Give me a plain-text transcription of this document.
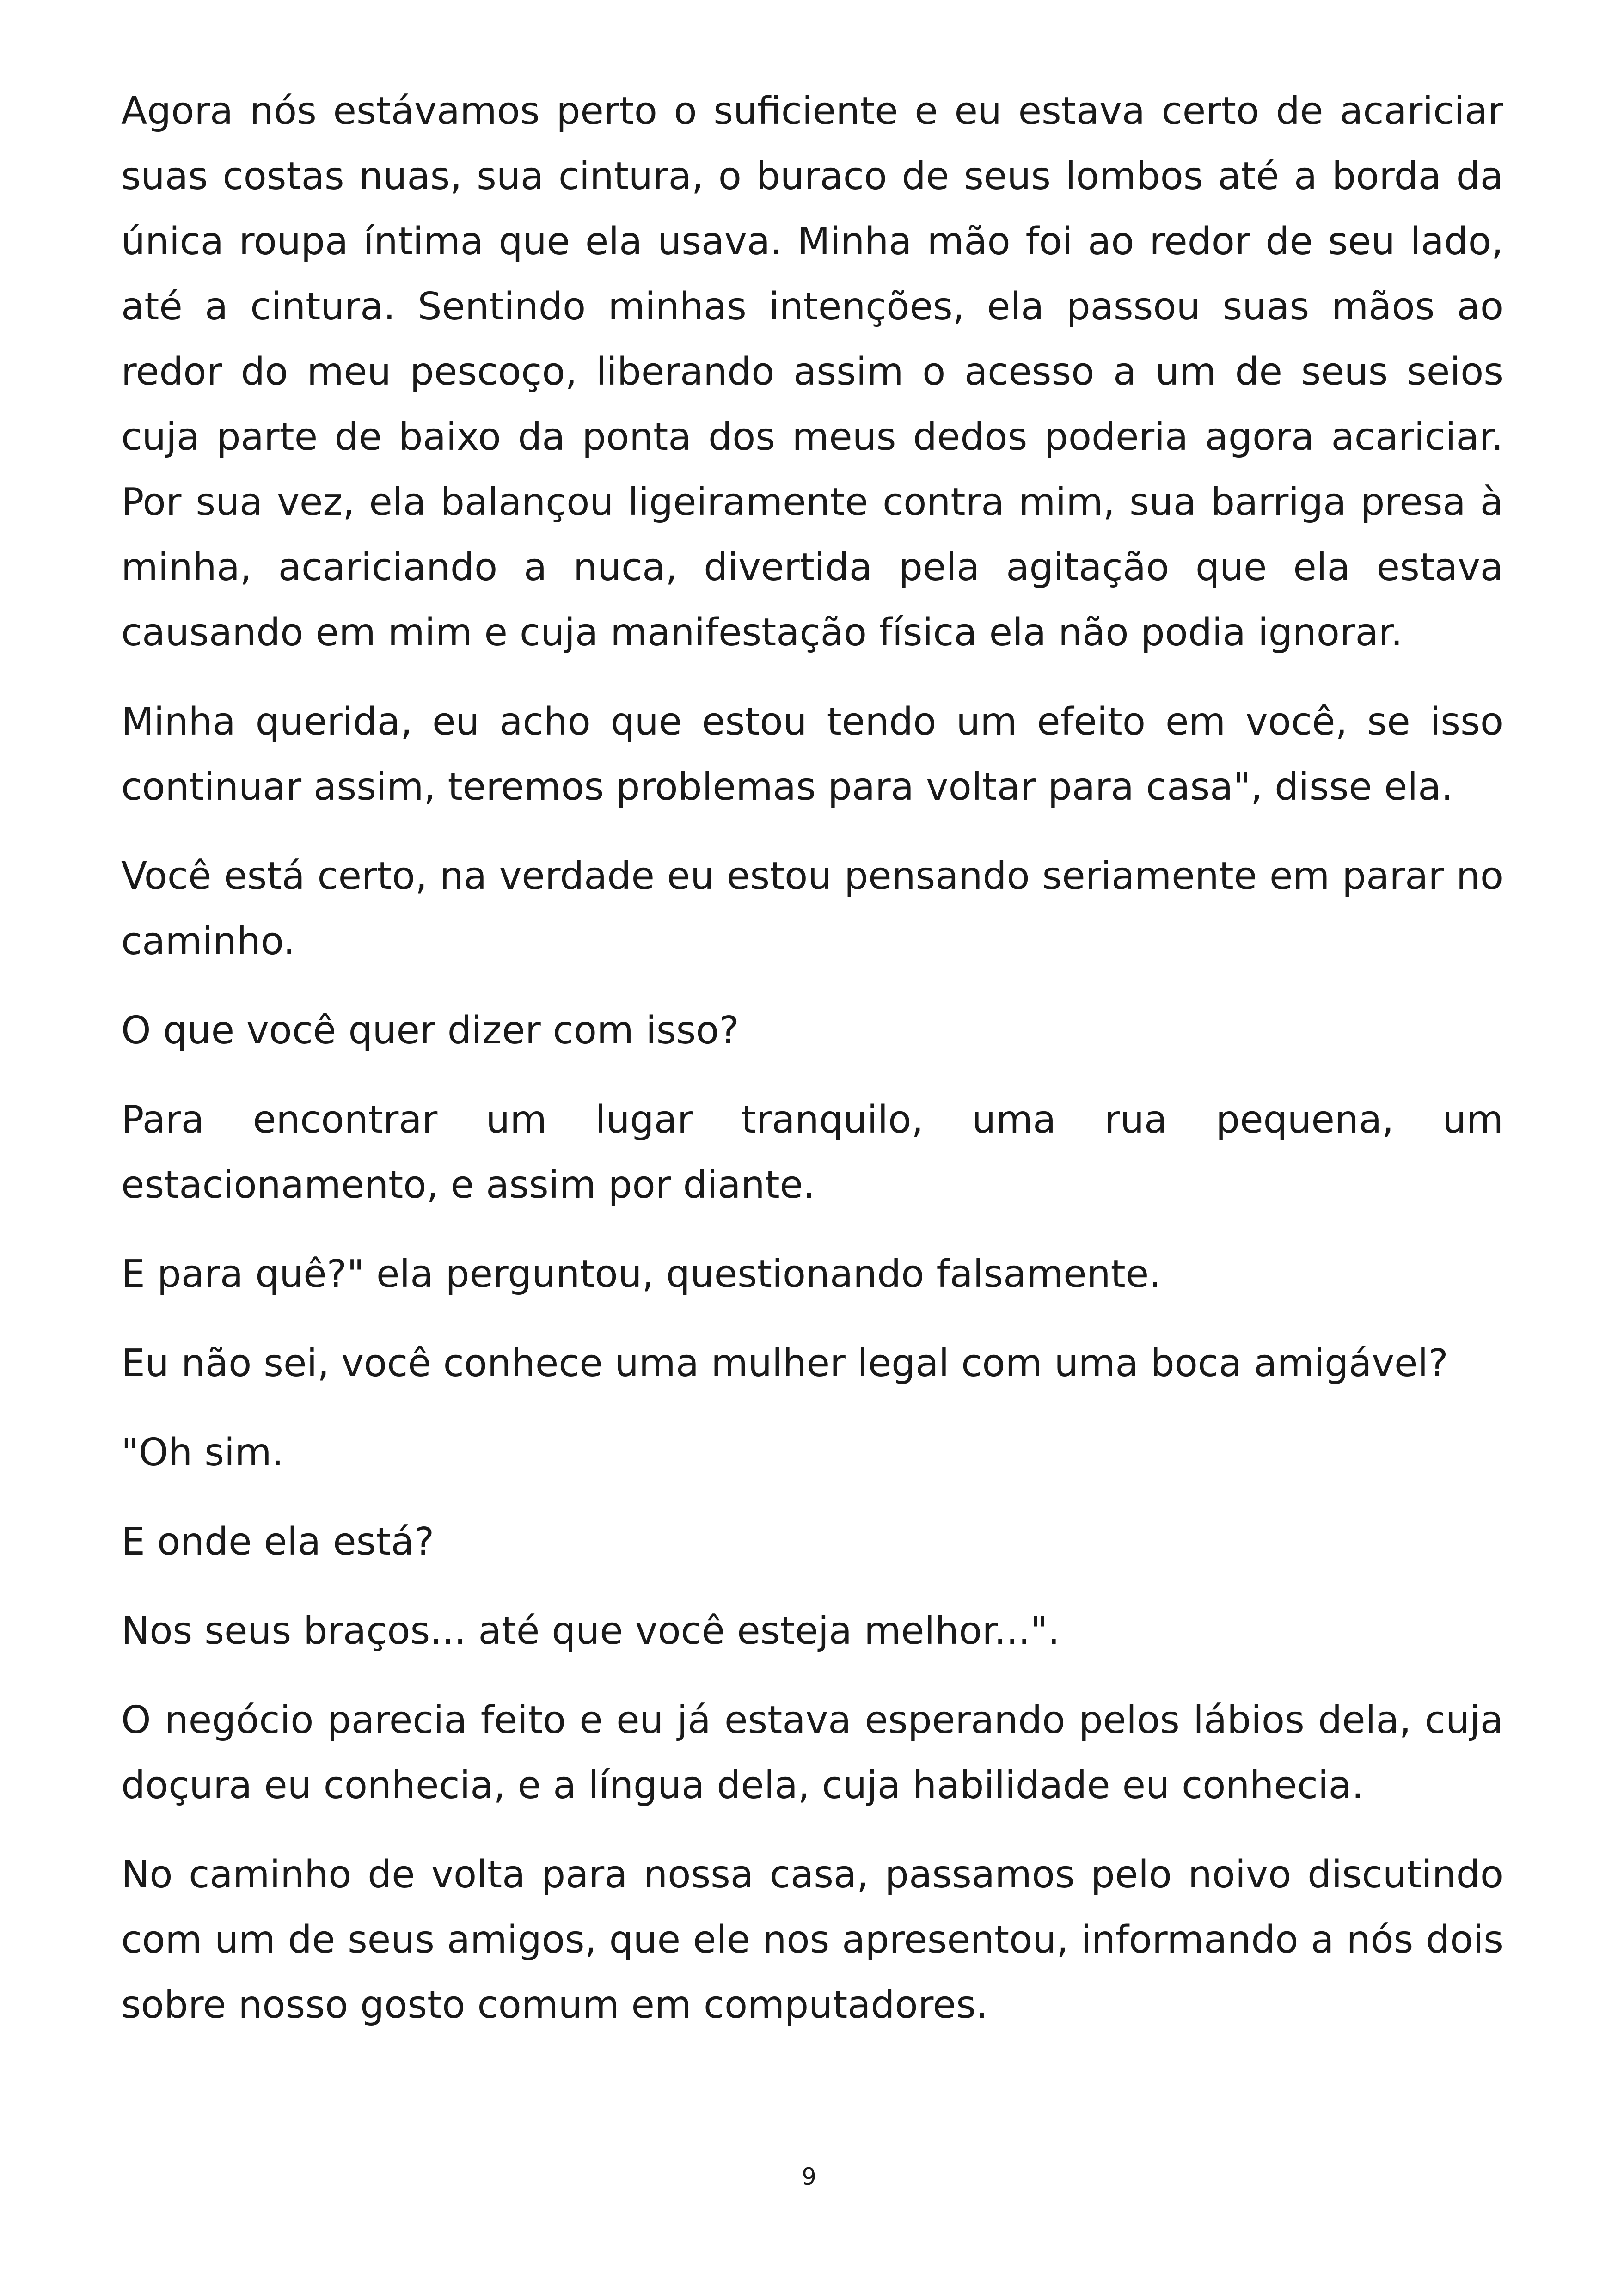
Agora nós estávamos perto o suficiente e eu estava certo de acariciar suas costas nuas, sua cintura, o buraco de seus lombos até a borda da única roupa íntima que ela usava. Minha mão foi ao redor de seu lado, até a cintura. Sentindo minhas intenções, ela passou suas mãos ao redor do meu pescoço, liberando assim o acesso a um de seus seios cuja parte de baixo da ponta dos meus dedos poderia agora acariciar. Por sua vez, ela balançou ligeiramente contra mim, sua barriga presa à minha, acariciando a nuca, divertida pela agitação que ela estava causando em mim e cuja manifestação física ela não podia ignorar.

Minha querida, eu acho que estou tendo um efeito em você, se isso continuar assim, teremos problemas para voltar para casa", disse ela.

Você está certo, na verdade eu estou pensando seriamente em parar no caminho.

O que você quer dizer com isso?

Para encontrar um lugar tranquilo, uma rua pequena, um estacionamento, e assim por diante.

E para quê?" ela perguntou, questionando falsamente.

Eu não sei, você conhece uma mulher legal com uma boca amigável?

"Oh sim.

E onde ela está?

Nos seus braços... até que você esteja melhor...".

O negócio parecia feito e eu já estava esperando pelos lábios dela, cuja doçura eu conhecia, e a língua dela, cuja habilidade eu conhecia.

No caminho de volta para nossa casa, passamos pelo noivo discutindo com um de seus amigos, que ele nos apresentou, informando a nós dois sobre nosso gosto comum em computadores.

9
